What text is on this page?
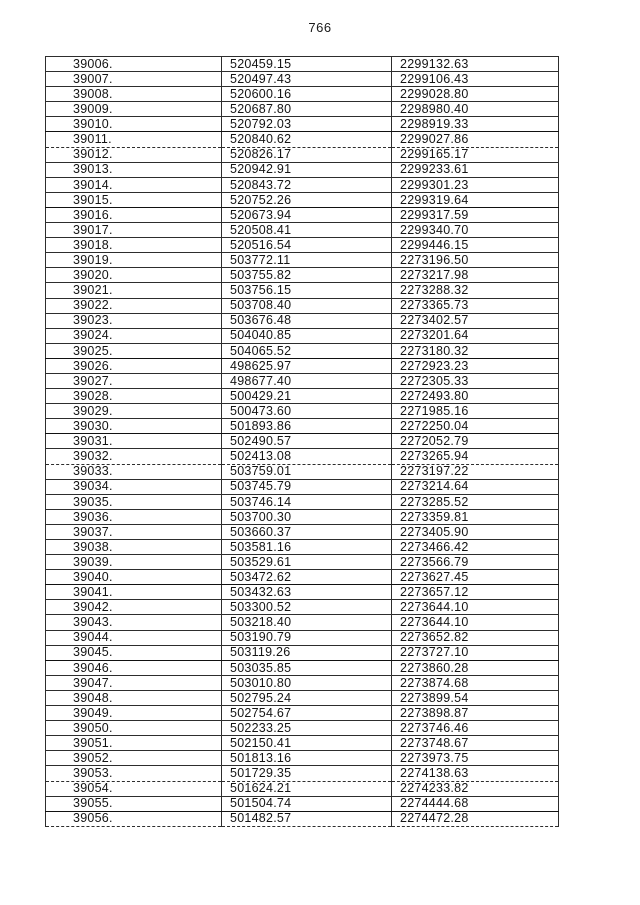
766
39006.	520459.15	2299132.63
39007.	520497.43	2299106.43
39008.	520600.16	2299028.80
39009.	520687.80	2298980.40
39010.	520792.03	2298919.33
39011.	520840.62	2299027.86
39012.	520826.17	2299165.17
39013.	520942.91	2299233.61
39014.	520843.72	2299301.23
39015.	520752.26	2299319.64
39016.	520673.94	2299317.59
39017.	520508.41	2299340.70
39018.	520516.54	2299446.15
39019.	503772.11	2273196.50
39020.	503755.82	2273217.98
39021.	503756.15	2273288.32
39022.	503708.40	2273365.73
39023.	503676.48	2273402.57
39024.	504040.85	2273201.64
39025.	504065.52	2273180.32
39026.	498625.97	2272923.23
39027.	498677.40	2272305.33
39028.	500429.21	2272493.80
39029.	500473.60	2271985.16
39030.	501893.86	2272250.04
39031.	502490.57	2272052.79
39032.	502413.08	2273265.94
39033.	503759.01	2273197.22
39034.	503745.79	2273214.64
39035.	503746.14	2273285.52
39036.	503700.30	2273359.81
39037.	503660.37	2273405.90
39038.	503581.16	2273466.42
39039.	503529.61	2273566.79
39040.	503472.62	2273627.45
39041.	503432.63	2273657.12
39042.	503300.52	2273644.10
39043.	503218.40	2273644.10
39044.	503190.79	2273652.82
39045.	503119.26	2273727.10
39046.	503035.85	2273860.28
39047.	503010.80	2273874.68
39048.	502795.24	2273899.54
39049.	502754.67	2273898.87
39050.	502233.25	2273746.46
39051.	502150.41	2273748.67
39052.	501813.16	2273973.75
39053.	501729.35	2274138.63
39054.	501624.21	2274233.82
39055.	501504.74	2274444.68
39056.	501482.57	2274472.28
